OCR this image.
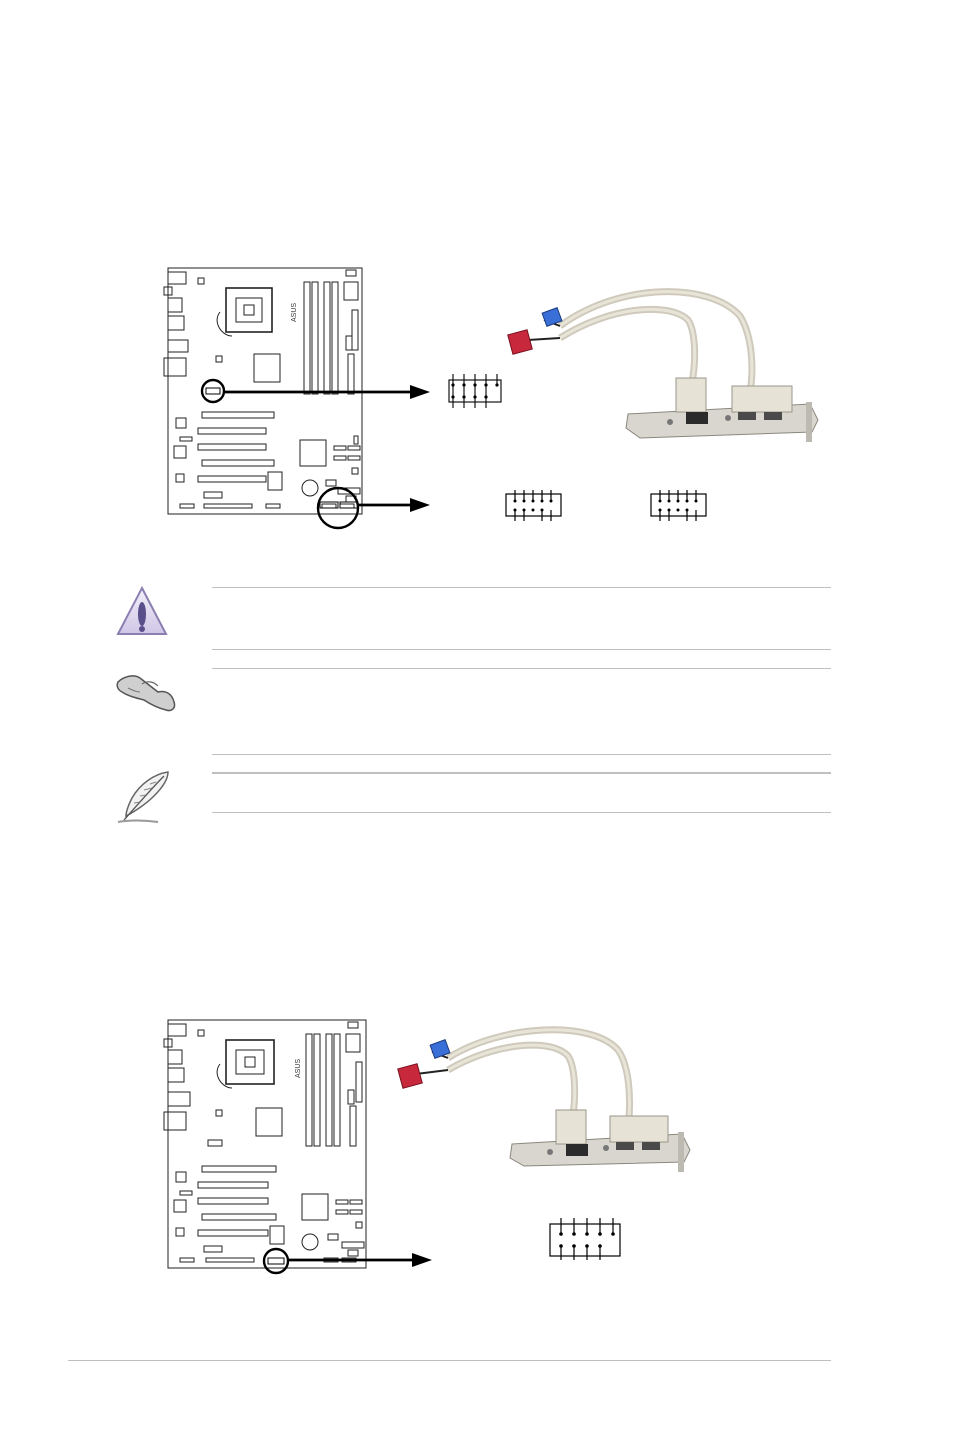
ASUS
ASUS
